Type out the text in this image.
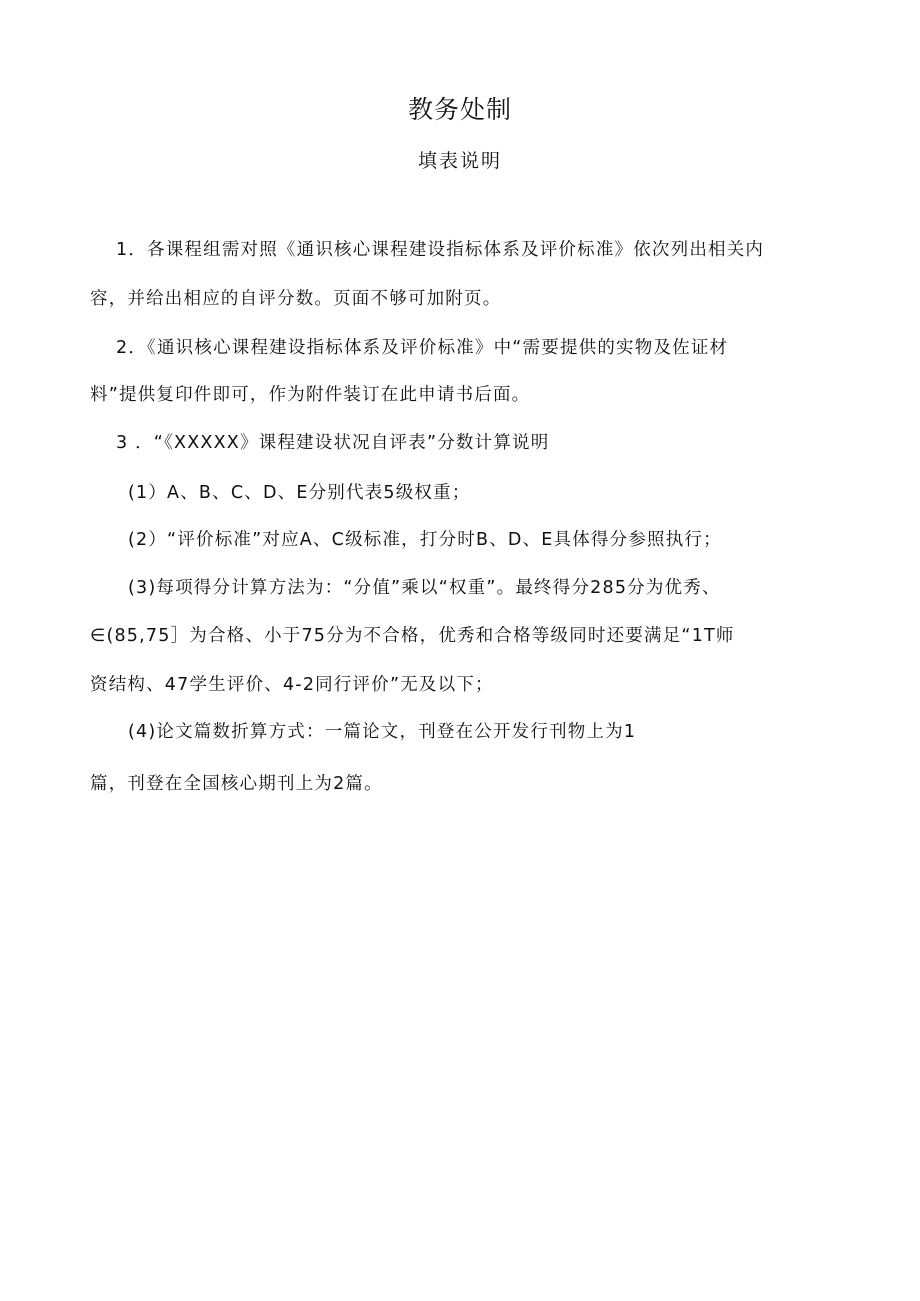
教务处制
填表说明
1．各课程组需对照《通识核心课程建设指标体系及评价标准》依次列出相关内
容，并给出相应的自评分数。页面不够可加附页。
2．《通识核心课程建设指标体系及评价标准》中“需要提供的实物及佐证材
料”提供复印件即可，作为附件装订在此申请书后面。
3 ．“《XXXXX》课程建设状况自评表”分数计算说明
(1）A、B、C、D、E分别代表5级权重；
(2）“评价标准”对应A、C级标准，打分时B、D、E具体得分参照执行；
(3)每项得分计算方法为：“分值”乘以“权重”。最终得分285分为优秀、
∈(85,75］为合格、小于75分为不合格，优秀和合格等级同时还要满足“1T师
资结构、47学生评价、4-2同行评价”无及以下；
(4)论文篇数折算方式：一篇论文，刊登在公开发行刊物上为1
篇，刊登在全国核心期刊上为2篇。
